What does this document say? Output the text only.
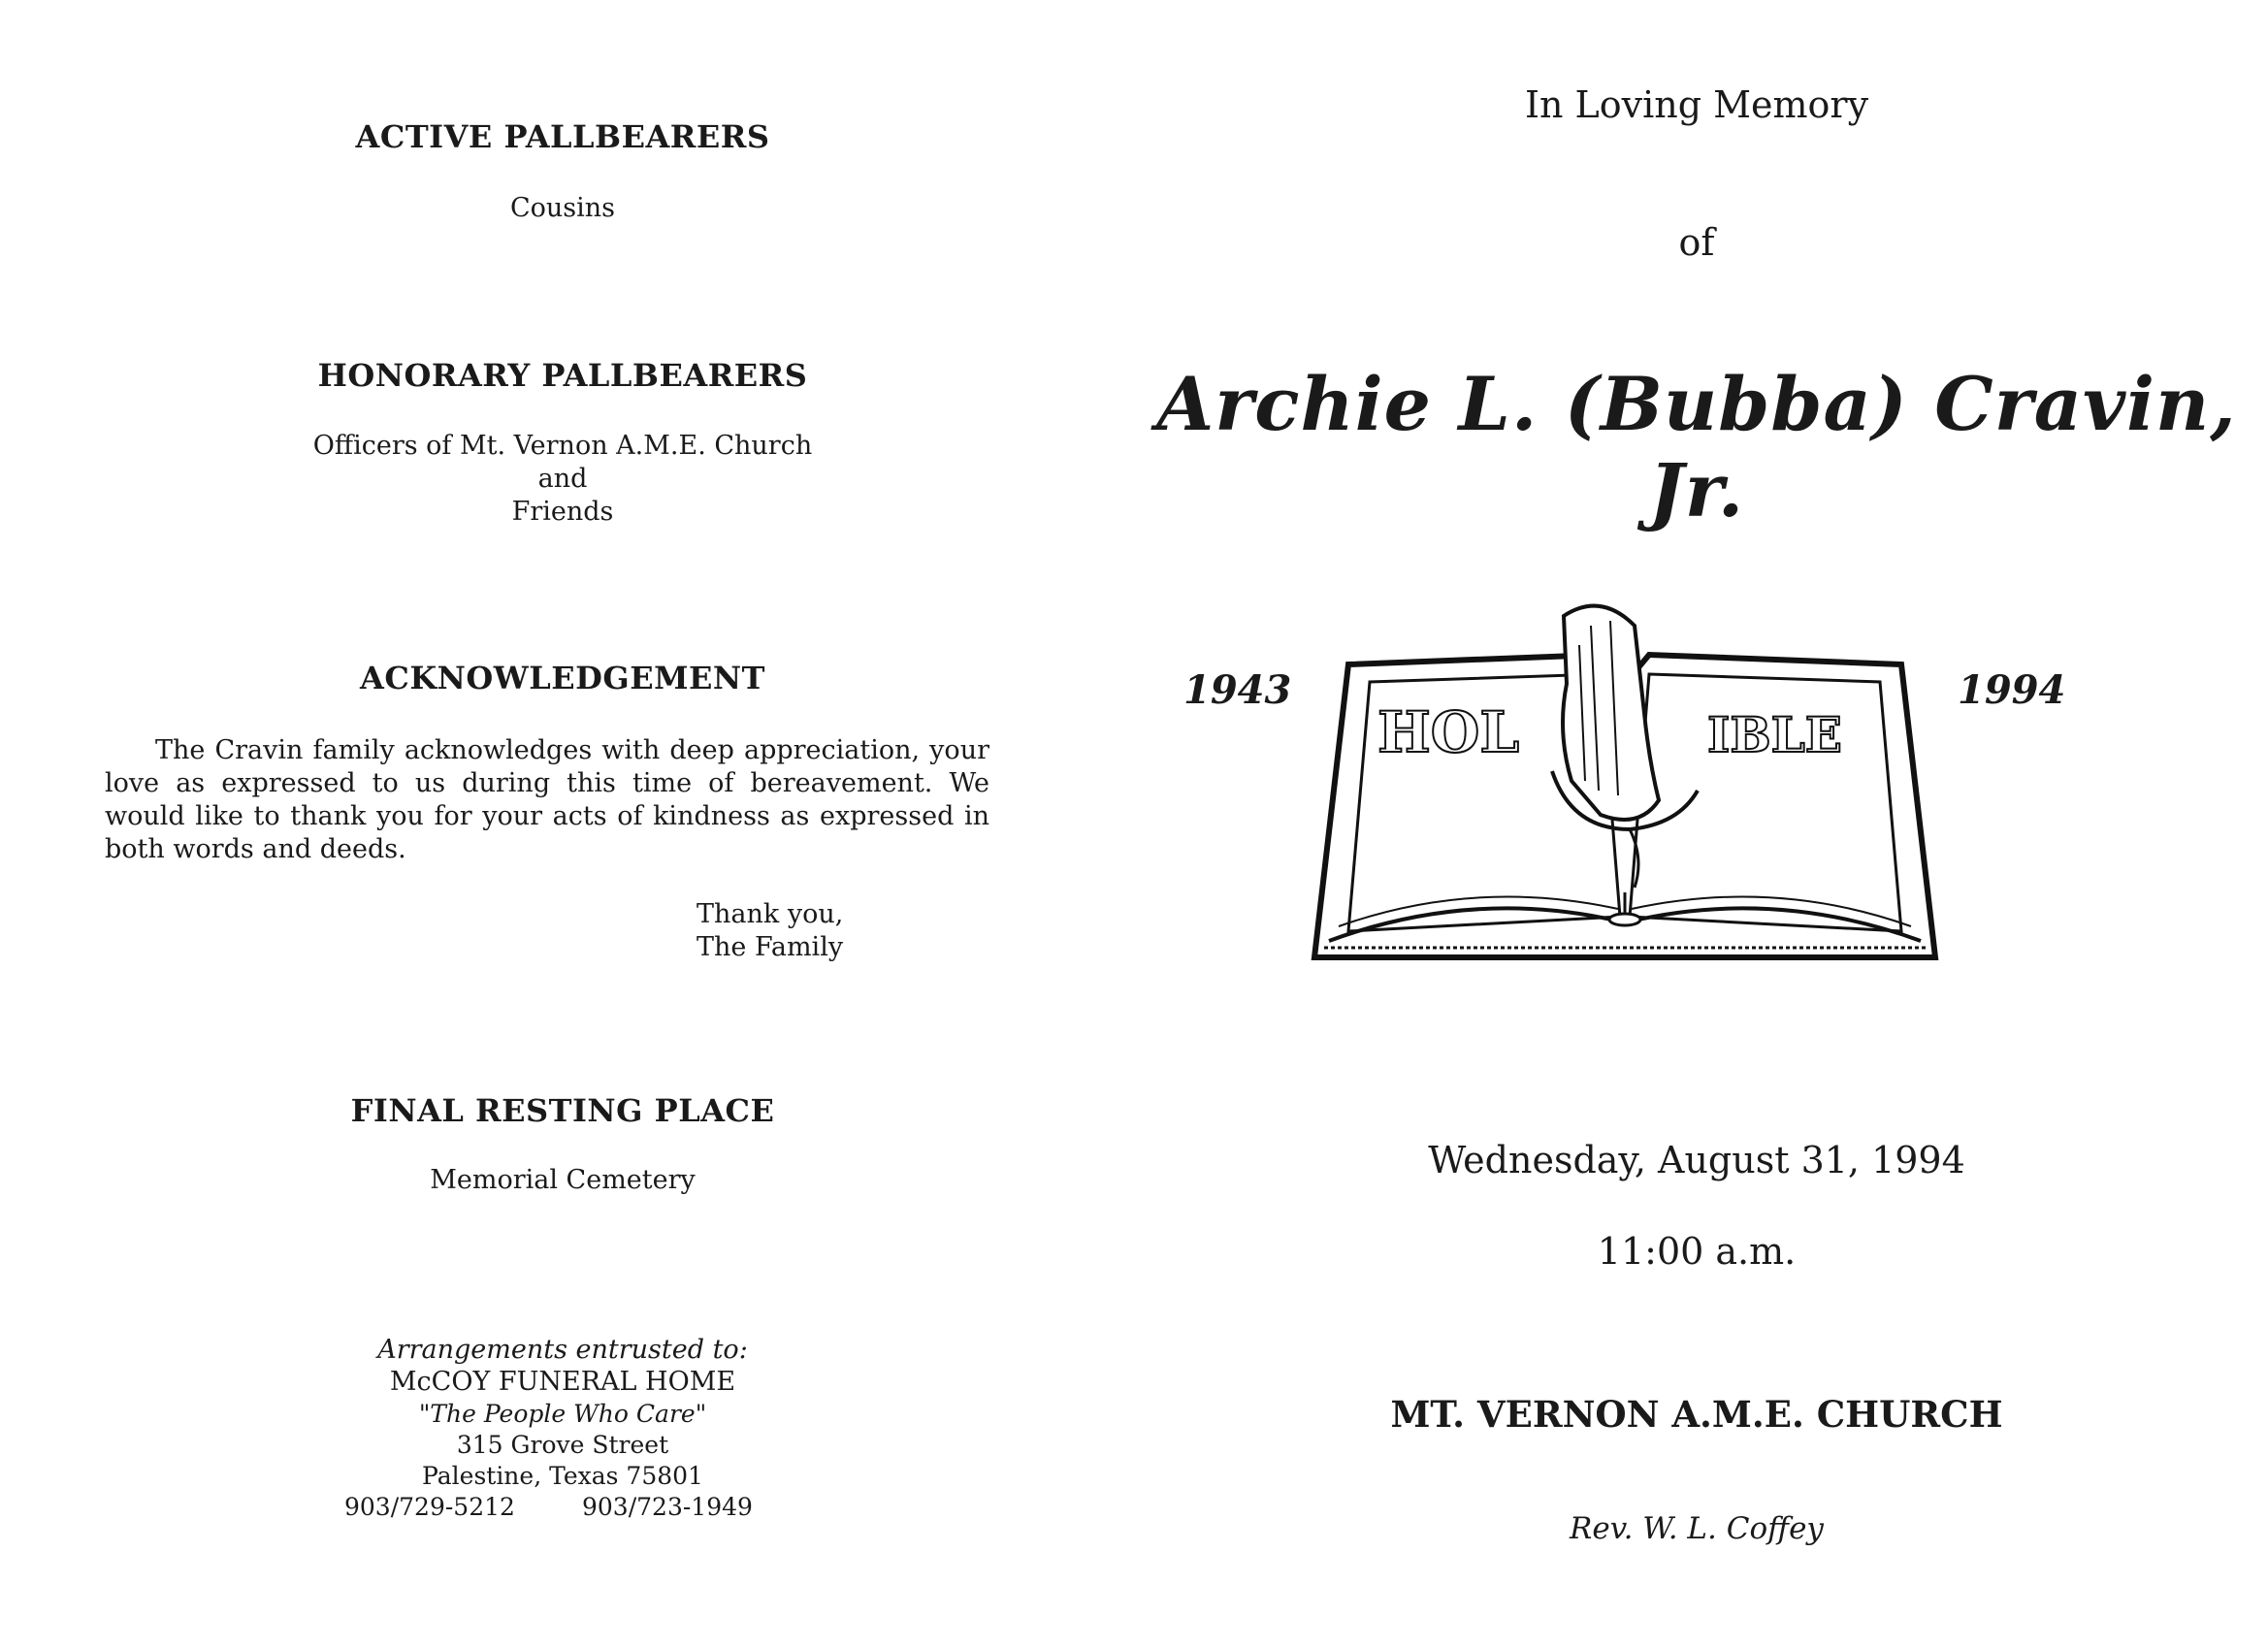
ACTIVE PALLBEARERS
Cousins
HONORARY PALLBEARERS
Officers of Mt. Vernon A.M.E. Church
and
Friends
ACKNOWLEDGEMENT
The Cravin family acknowledges with deep appreciation, your love as expressed to us during this time of bereavement. We would like to thank you for your acts of kindness as expressed in both words and deeds.
Thank you,
The Family
FINAL RESTING PLACE
Memorial Cemetery
Arrangements entrusted to:
McCOY FUNERAL HOME
"The People Who Care"
315 Grove Street
Palestine, Texas 75801
903/729-5212	903/723-1949
In Loving Memory
of
Archie L. (Bubba) Cravin, Jr.
1943	1994
HOL	IBLE
Wednesday, August 31, 1994
11:00 a.m.
MT. VERNON A.M.E. CHURCH
Rev. W. L. Coffey
